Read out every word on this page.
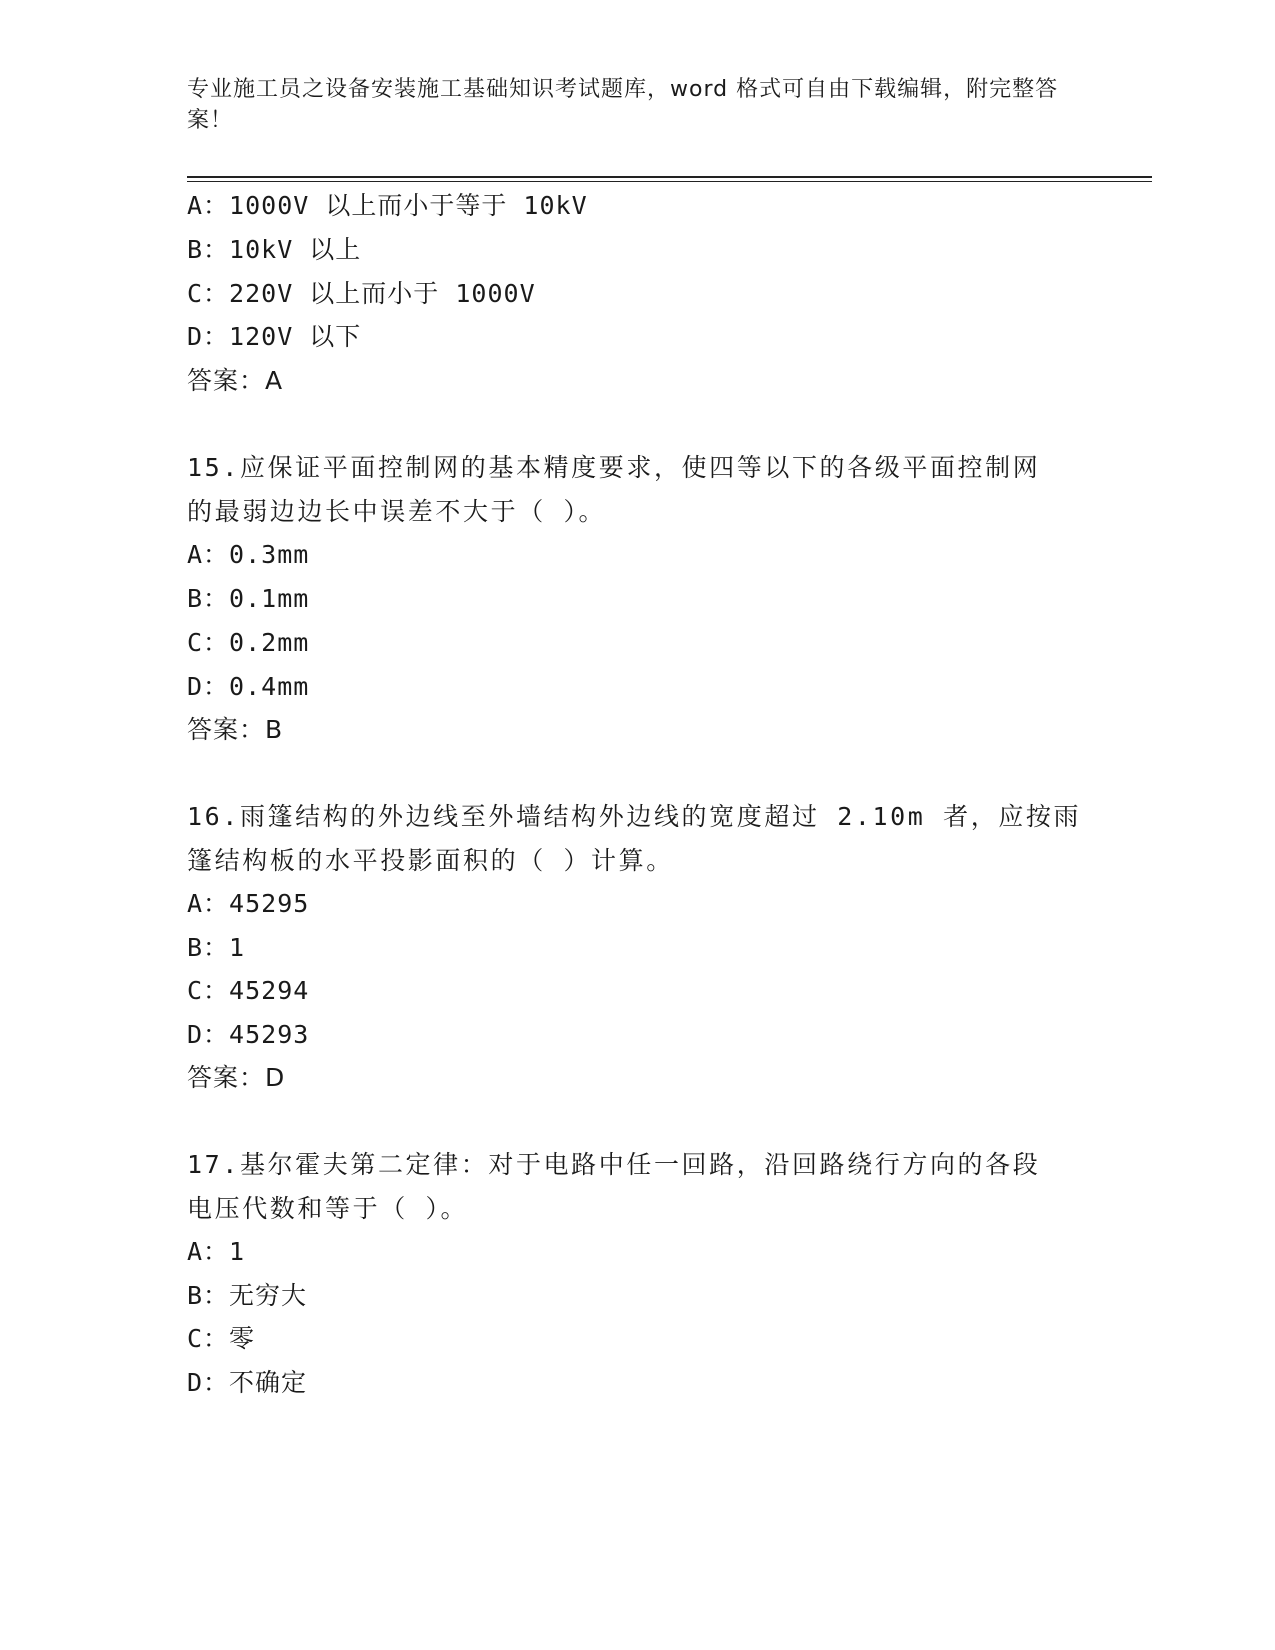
专业施工员之设备安装施工基础知识考试题库，word 格式可自由下载编辑，附完整答案！
A：1000V 以上而小于等于 10kV
B：10kV 以上
C：220V 以上而小于 1000V
D：120V 以下
答案：A
15.应保证平面控制网的基本精度要求，使四等以下的各级平面控制网
的最弱边边长中误差不大于（ ）。
A：0.3mm
B：0.1mm
C：0.2mm
D：0.4mm
答案：B
16.雨篷结构的外边线至外墙结构外边线的宽度超过 2.10m 者，应按雨
篷结构板的水平投影面积的（ ）计算。
A：45295
B：1
C：45294
D：45293
答案：D
17.基尔霍夫第二定律：对于电路中任一回路，沿回路绕行方向的各段
电压代数和等于（ ）。
A：1
B：无穷大
C：零
D：不确定
